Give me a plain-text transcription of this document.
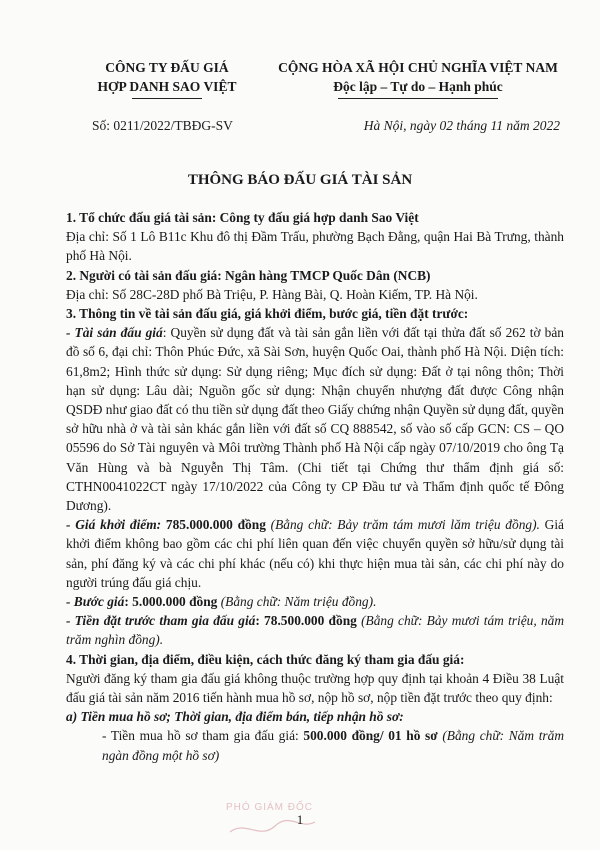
CÔNG TY ĐẤU GIÁ
HỢP DANH SAO VIỆT
CỘNG HÒA XÃ HỘI CHỦ NGHĨA VIỆT NAM
Độc lập – Tự do – Hạnh phúc
Số: 0211/2022/TBĐG-SV	Hà Nội, ngày 02 tháng 11 năm 2022
THÔNG BÁO ĐẤU GIÁ TÀI SẢN

1. Tổ chức đấu giá tài sản: Công ty đấu giá hợp danh Sao Việt

Địa chỉ: Số 1 Lô B11c Khu đô thị Đầm Trấu, phường Bạch Đằng, quận Hai Bà Trưng, thành phố Hà Nội.

2. Người có tài sản đấu giá: Ngân hàng TMCP Quốc Dân (NCB)

Địa chỉ: Số 28C-28D phố Bà Triệu, P. Hàng Bài, Q. Hoàn Kiếm, TP. Hà Nội.

3. Thông tin về tài sản đấu giá, giá khởi điểm, bước giá, tiền đặt trước:

- Tài sản đấu giá: Quyền sử dụng đất và tài sản gắn liền với đất tại thửa đất số 262 tờ bản đồ số 6, đại chỉ: Thôn Phúc Đức, xã Sài Sơn, huyện Quốc Oai, thành phố Hà Nội. Diện tích: 61,8m2; Hình thức sử dụng: Sử dụng riêng; Mục đích sử dụng: Đất ở tại nông thôn; Thời hạn sử dụng: Lâu dài; Nguồn gốc sử dụng: Nhận chuyển nhượng đất được Công nhận QSDĐ như giao đất có thu tiền sử dụng đất theo Giấy chứng nhận Quyền sử dụng đất, quyền sở hữu nhà ở và tài sản khác gắn liền với đất số CQ 888542, số vào số cấp GCN: CS – QO 05596 do Sở Tài nguyên và Môi trường Thành phố Hà Nội cấp ngày 07/10/2019 cho ông Tạ Văn Hùng và bà Nguyễn Thị Tâm. (Chi tiết tại Chứng thư thẩm định giá số: CTHN0041022CT ngày 17/10/2022 của Công ty CP Đầu tư và Thẩm định quốc tế Đông Dương).

- Giá khởi điểm: 785.000.000 đồng (Bằng chữ: Bảy trăm tám mươi lăm triệu đồng). Giá khởi điểm không bao gồm các chi phí liên quan đến việc chuyển quyền sở hữu/sử dụng tài sản, phí đăng ký và các chi phí khác (nếu có) khi thực hiện mua tài sản, các chi phí này do người trúng đấu giá chịu.

- Bước giá: 5.000.000 đồng (Bằng chữ: Năm triệu đồng).

- Tiền đặt trước tham gia đấu giá: 78.500.000 đồng (Bằng chữ: Bảy mươi tám triệu, năm trăm nghìn đồng).

4. Thời gian, địa điểm, điều kiện, cách thức đăng ký tham gia đấu giá:

Người đăng ký tham gia đấu giá không thuộc trường hợp quy định tại khoản 4 Điều 38 Luật đấu giá tài sản năm 2016 tiến hành mua hồ sơ, nộp hồ sơ, nộp tiền đặt trước theo quy định:

a) Tiền mua hồ sơ; Thời gian, địa điểm bán, tiếp nhận hồ sơ:

- Tiền mua hồ sơ tham gia đấu giá: 500.000 đồng/ 01 hồ sơ (Bằng chữ: Năm trăm ngàn đồng một hồ sơ)

PHÓ GIÁM ĐỐC
1
